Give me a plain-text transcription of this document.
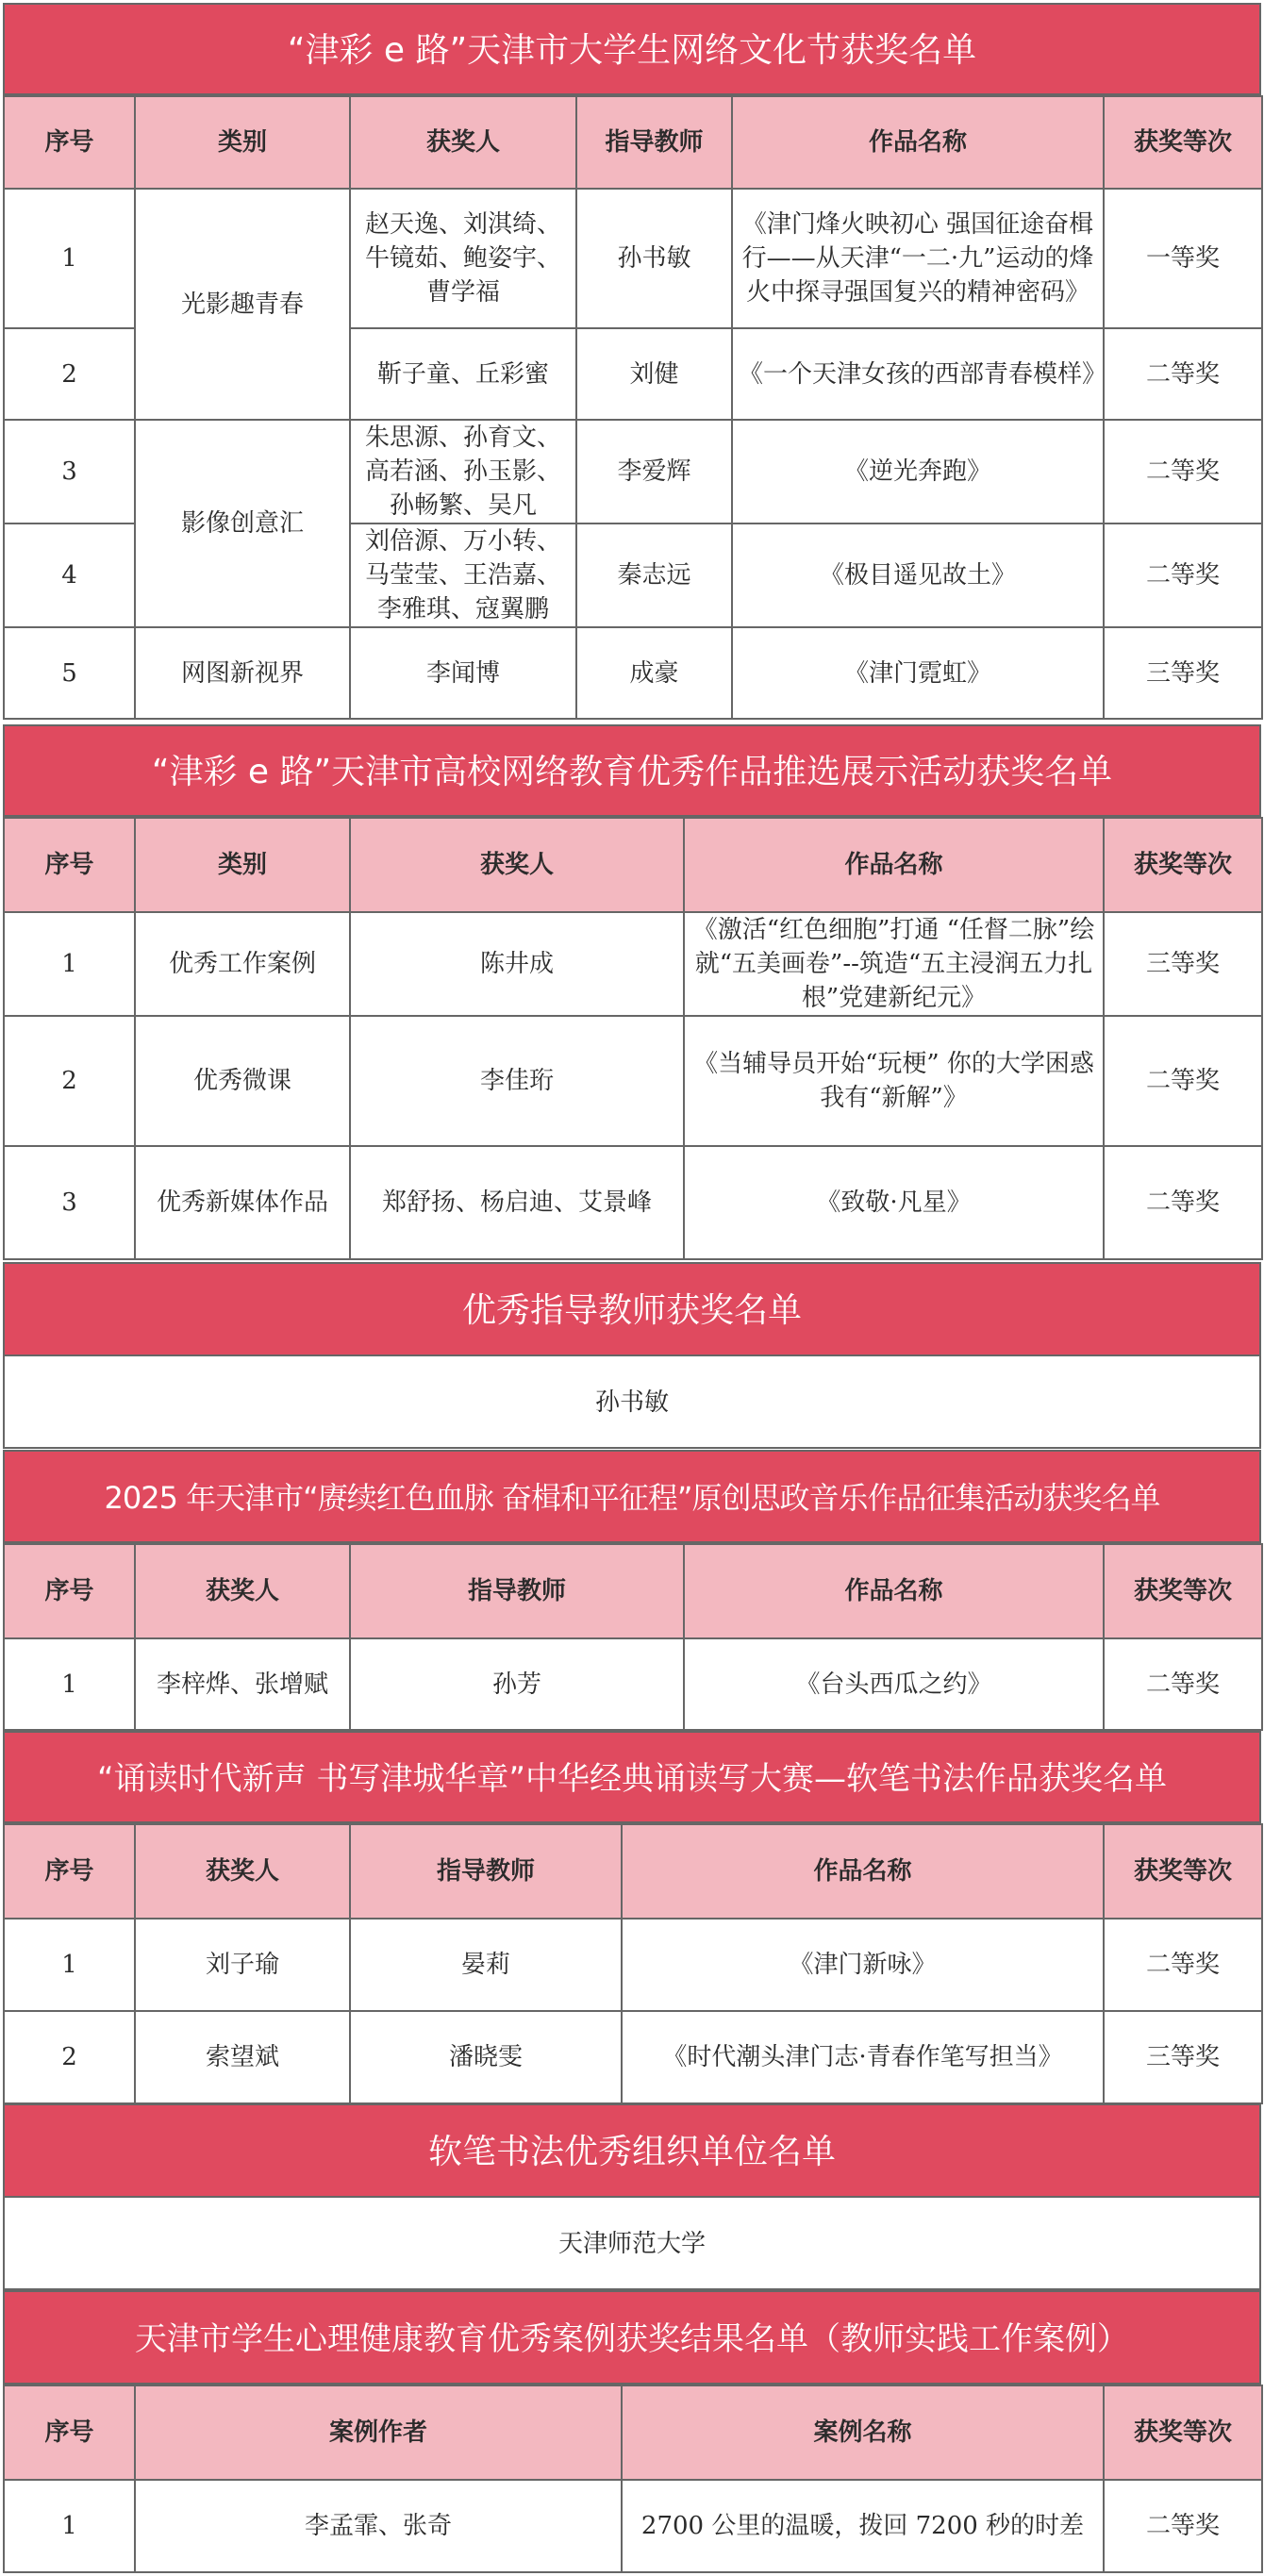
“津彩 e 路”天津市大学生网络文化节获奖名单
序号	类别	获奖人	指导教师	作品名称	获奖等次
1	光影趣青春	赵天逸、刘淇绮、牛镜茹、鲍姿宇、曹学福	孙书敏	《津门烽火映初心 强国征途奋楫行——从天津“一二·九”运动的烽火中探寻强国复兴的精神密码》	一等奖
2		靳子童、丘彩蜜	刘健	《一个天津女孩的西部青春模样》	二等奖
3	影像创意汇	朱思源、孙育文、高若涵、孙玉影、孙畅繁、吴凡	李爱辉	《逆光奔跑》	二等奖
4		刘倍源、万小转、马莹莹、王浩嘉、李雅琪、寇翼鹏	秦志远	《极目遥见故土》	二等奖
5	网图新视界	李闻博	成豪	《津门霓虹》	三等奖
“津彩 e 路”天津市高校网络教育优秀作品推选展示活动获奖名单
序号	类别	获奖人	作品名称	获奖等次
1	优秀工作案例	陈井成	《激活“红色细胞”打通 “任督二脉”绘就“五美画卷”--筑造“五主浸润五力扎根”党建新纪元》	三等奖
2	优秀微课	李佳珩	《当辅导员开始“玩梗” 你的大学困惑我有“新解”》	二等奖
3	优秀新媒体作品	郑舒扬、杨启迪、艾景峰	《致敬·凡星》	二等奖
优秀指导教师获奖名单
孙书敏
2025 年天津市“赓续红色血脉 奋楫和平征程”原创思政音乐作品征集活动获奖名单
序号	获奖人	指导教师	作品名称	获奖等次
1	李梓烨、张增赋	孙芳	《台头西瓜之约》	二等奖
“诵读时代新声 书写津城华章”中华经典诵读写大赛—软笔书法作品获奖名单
序号	获奖人	指导教师	作品名称	获奖等次
1	刘子瑜	晏莉	《津门新咏》	二等奖
2	索望斌	潘晓雯	《时代潮头津门志·青春作笔写担当》	三等奖
软笔书法优秀组织单位名单
天津师范大学
天津市学生心理健康教育优秀案例获奖结果名单（教师实践工作案例）
序号	案例作者	案例名称	获奖等次
1	李孟霏、张奇	2700 公里的温暖，拨回 7200 秒的时差	二等奖
